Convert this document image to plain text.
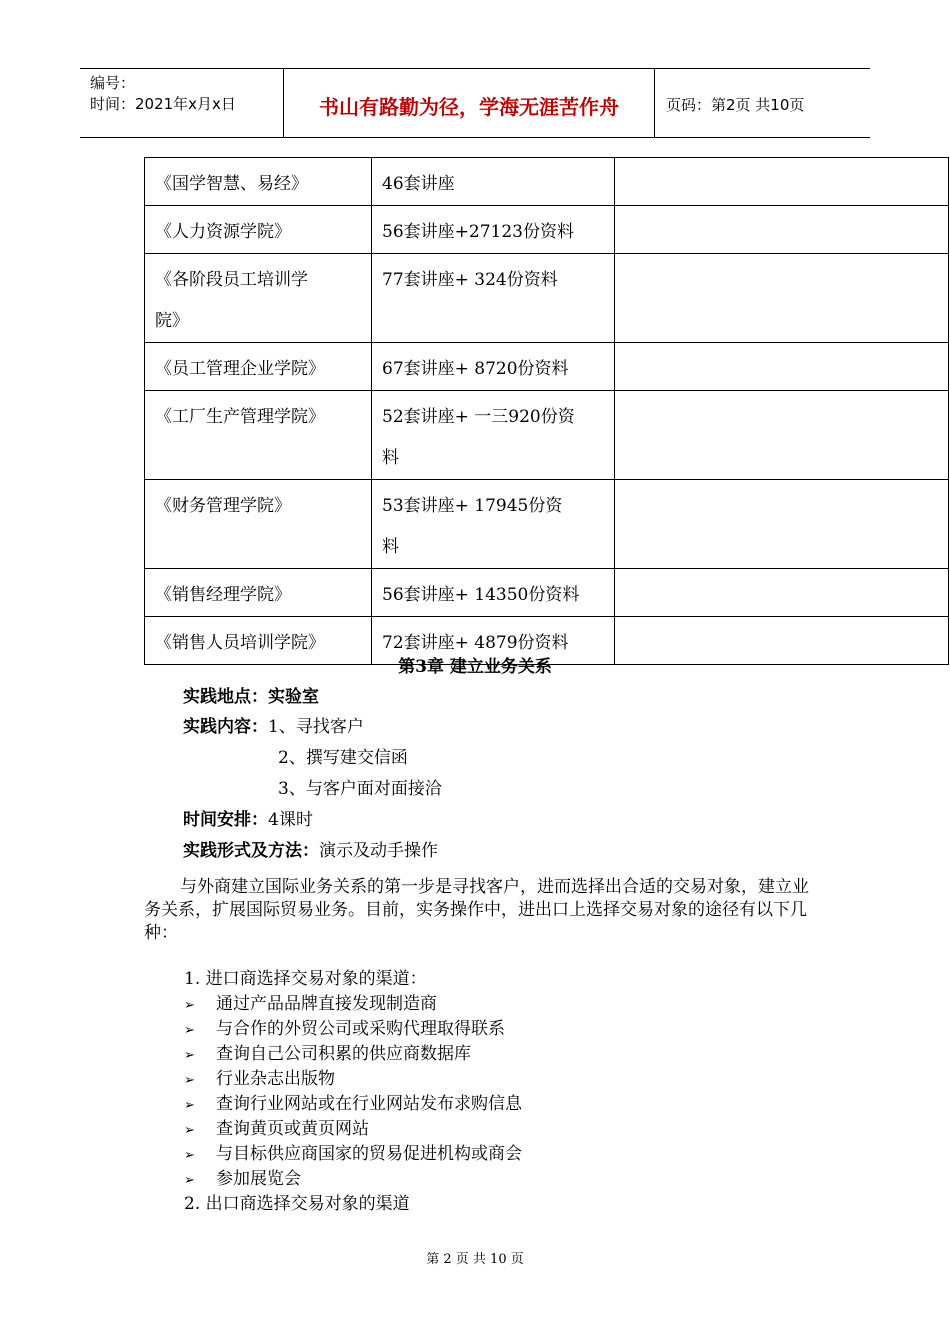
编号：
时间：2021年x月x日	书山有路勤为径，学海无涯苦作舟	页码：第2页 共10页
《国学智慧、易经》	46套讲座	

《人力资源学院》	56套讲座+27123份资料	

《各阶段员工培训学
院》	77套讲座+ 324份资料	

《员工管理企业学院》	67套讲座+ 8720份资料	

《工厂生产管理学院》	52套讲座+ 一三920份资
料	

《财务管理学院》	53套讲座+ 17945份资
料	

《销售经理学院》	56套讲座+ 14350份资料	

《销售人员培训学院》	72套讲座+ 4879份资料	

第3章 建立业务关系
实践地点：实验室
实践内容：1、寻找客户
2、撰写建交信函
3、与客户面对面接洽
时间安排：4课时
实践形式及方法：演示及动手操作
与外商建立国际业务关系的第一步是寻找客户，进而选择出合适的交易对象，建立业务关系，扩展国际贸易业务。目前，实务操作中，进出口上选择交易对象的途径有以下几种：
1. 进口商选择交易对象的渠道：
➢ 通过产品品牌直接发现制造商
➢ 与合作的外贸公司或采购代理取得联系
➢ 查询自己公司积累的供应商数据库
➢ 行业杂志出版物
➢ 查询行业网站或在行业网站发布求购信息
➢ 查询黄页或黄页网站
➢ 与目标供应商国家的贸易促进机构或商会
➢ 参加展览会
2. 出口商选择交易对象的渠道
第 2 页 共 10 页
